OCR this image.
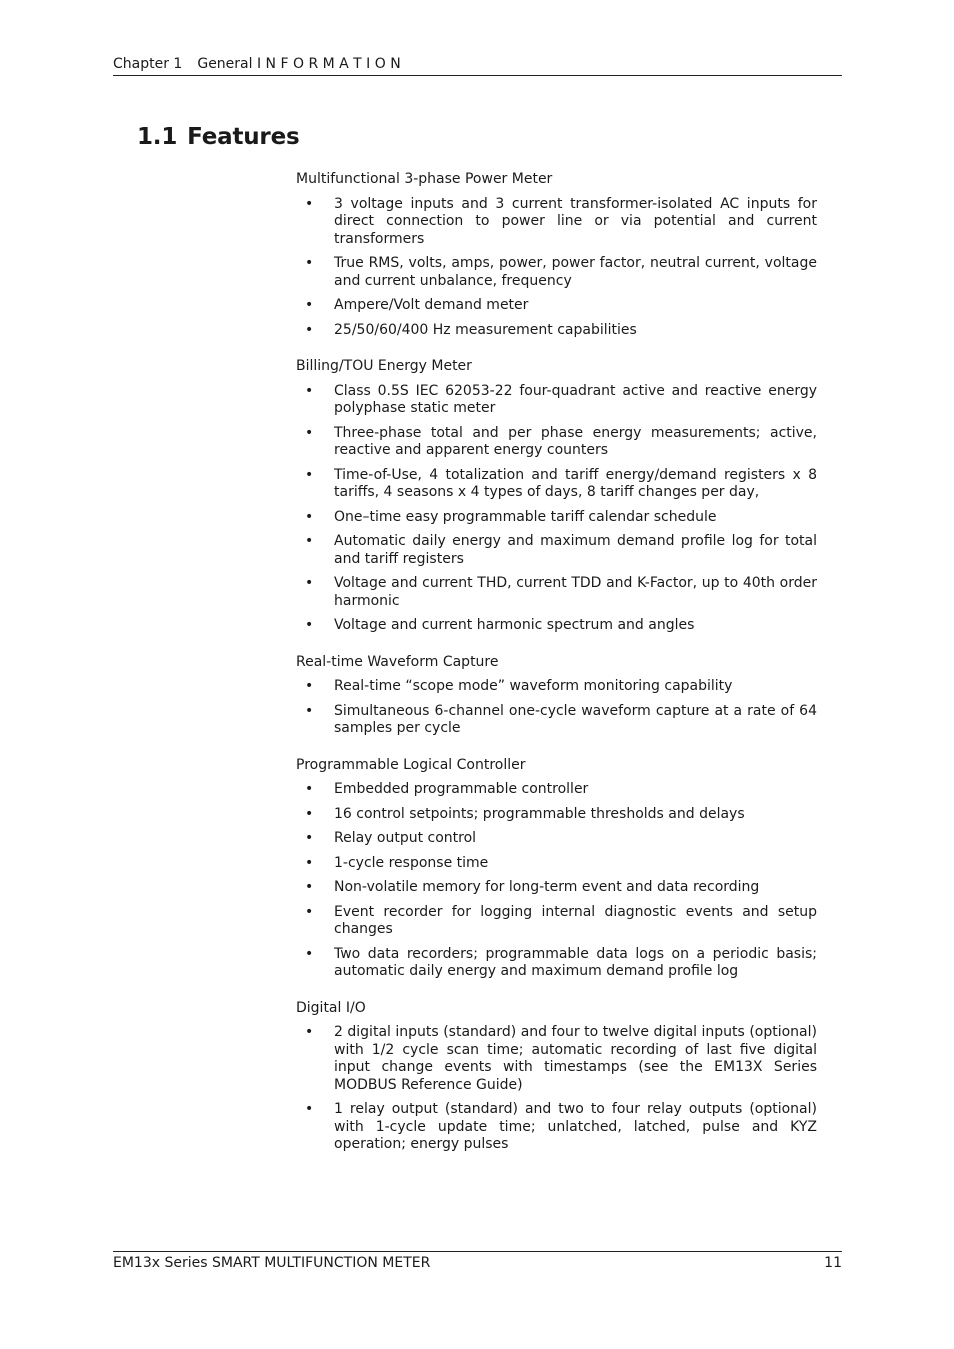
Chapter 1 General I N F O R M A T I O N
1.1 Features

Multifunctional 3-phase Power Meter

• 3 voltage inputs and 3 current transformer-isolated AC inputs for direct connection to power line or via potential and current transformers
• True RMS, volts, amps, power, power factor, neutral current, voltage and current unbalance, frequency
• Ampere/Volt demand meter
• 25/50/60/400 Hz measurement capabilities

Billing/TOU Energy Meter

• Class 0.5S IEC 62053-22 four-quadrant active and reactive energy polyphase static meter
• Three-phase total and per phase energy measurements; active, reactive and apparent energy counters
• Time-of-Use, 4 totalization and tariff energy/demand registers x 8 tariffs, 4 seasons x 4 types of days, 8 tariff changes per day,
• One–time easy programmable tariff calendar schedule
• Automatic daily energy and maximum demand profile log for total and tariff registers
• Voltage and current THD, current TDD and K-Factor, up to 40th order harmonic
• Voltage and current harmonic spectrum and angles

Real-time Waveform Capture

• Real-time “scope mode” waveform monitoring capability
• Simultaneous 6-channel one-cycle waveform capture at a rate of 64 samples per cycle

Programmable Logical Controller

• Embedded programmable controller
• 16 control setpoints; programmable thresholds and delays
• Relay output control
• 1-cycle response time
• Non-volatile memory for long-term event and data recording
• Event recorder for logging internal diagnostic events and setup changes
• Two data recorders; programmable data logs on a periodic basis; automatic daily energy and maximum demand profile log

Digital I/O

• 2 digital inputs (standard) and four to twelve digital inputs (optional) with 1/2 cycle scan time; automatic recording of last five digital input change events with timestamps (see the EM13X Series MODBUS Reference Guide)
• 1 relay output (standard) and two to four relay outputs (optional) with 1-cycle update time; unlatched, latched, pulse and KYZ operation; energy pulses
EM13x Series SMART MULTIFUNCTION METER	11
